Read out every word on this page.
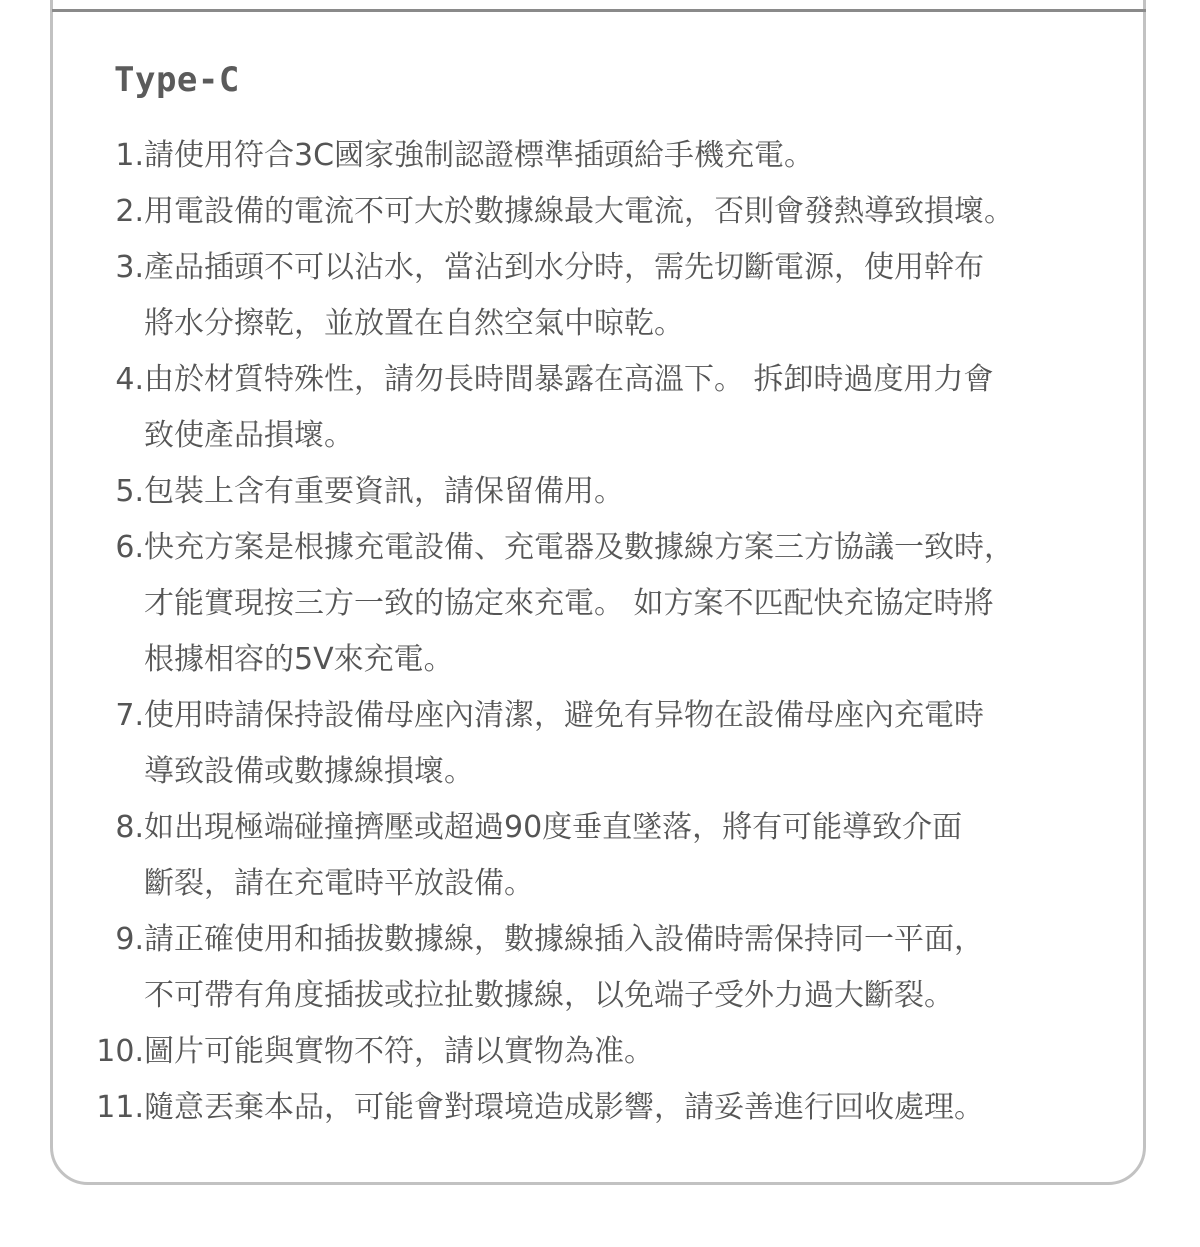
Type-C
1. 請使用符合3C國家強制認證標準插頭給手機充電。
2. 用電設備的電流不可大於數據線最大電流，否則會發熱導致損壞。
3. 產品插頭不可以沾水，當沾到水分時，需先切斷電源，使用幹布
將水分擦乾，並放置在自然空氣中晾乾。
4. 由於材質特殊性，請勿長時間暴露在高溫下。 拆卸時過度用力會
致使產品損壞。
5. 包裝上含有重要資訊，請保留備用。
6. 快充方案是根據充電設備、充電器及數據線方案三方協議一致時，
才能實現按三方一致的協定來充電。 如方案不匹配快充協定時將
根據相容的5V來充電。
7. 使用時請保持設備母座內清潔，避免有异物在設備母座內充電時
導致設備或數據線損壞。
8. 如出現極端碰撞擠壓或超過90度垂直墜落，將有可能導致介面
斷裂，請在充電時平放設備。
9. 請正確使用和插拔數據線，數據線插入設備時需保持同一平面，
不可帶有角度插拔或拉扯數據線，以免端子受外力過大斷裂。
10. 圖片可能與實物不符，請以實物為准。
11. 隨意丟棄本品，可能會對環境造成影響，請妥善進行回收處理。
